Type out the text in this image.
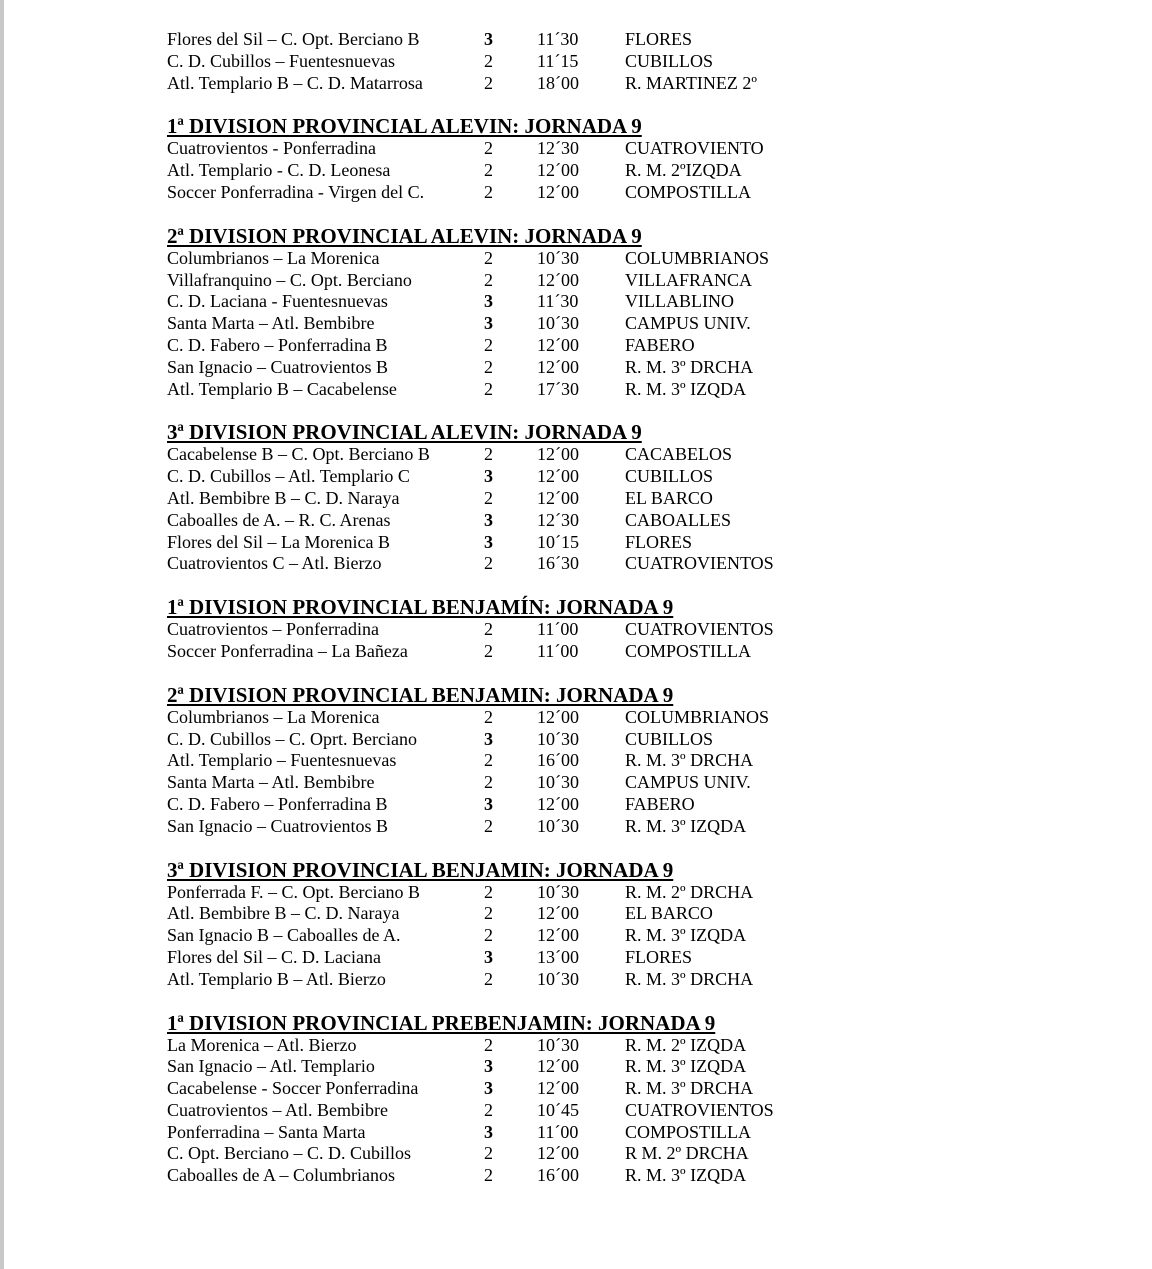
Flores del Sil – C. Opt. Berciano B	3 11´30	FLORES
C. D. Cubillos – Fuentesnuevas	2 11´15	CUBILLOS
Atl. Templario B – C. D. Matarrosa	2 18´00	R. MARTINEZ 2º
1ª DIVISION PROVINCIAL ALEVIN: JORNADA 9
Cuatrovientos - Ponferradina	2 12´30	CUATROVIENTO
Atl. Templario - C. D. Leonesa	2 12´00	R. M. 2ºIZQDA
Soccer Ponferradina - Virgen del C.	2 12´00	COMPOSTILLA
2ª DIVISION PROVINCIAL ALEVIN: JORNADA 9
Columbrianos – La Morenica	2 10´30	COLUMBRIANOS
Villafranquino – C. Opt. Berciano	2 12´00	VILLAFRANCA
C. D. Laciana - Fuentesnuevas	3 11´30	VILLABLINO
Santa Marta – Atl. Bembibre	3 10´30	CAMPUS UNIV.
C. D. Fabero – Ponferradina B	2 12´00	FABERO
San Ignacio – Cuatrovientos B	2 12´00	R. M. 3º DRCHA
Atl. Templario B – Cacabelense	2 17´30	R. M. 3º IZQDA
3ª DIVISION PROVINCIAL ALEVIN: JORNADA 9
Cacabelense B – C. Opt. Berciano B	2 12´00	CACABELOS
C. D. Cubillos – Atl. Templario C	3 12´00	CUBILLOS
Atl. Bembibre B – C. D. Naraya	2 12´00	EL BARCO
Caboalles de A. – R. C. Arenas	3 12´30	CABOALLES
Flores del Sil – La Morenica B	3 10´15	FLORES
Cuatrovientos C – Atl. Bierzo	2 16´30	CUATROVIENTOS
1ª DIVISION PROVINCIAL BENJAMÍN: JORNADA 9
Cuatrovientos – Ponferradina	2 11´00	CUATROVIENTOS
Soccer Ponferradina – La Bañeza	2 11´00	COMPOSTILLA
2ª DIVISION PROVINCIAL BENJAMIN: JORNADA 9
Columbrianos – La Morenica	2 12´00	COLUMBRIANOS
C. D. Cubillos – C. Oprt. Berciano	3 10´30	CUBILLOS
Atl. Templario – Fuentesnuevas	2 16´00	R. M. 3º DRCHA
Santa Marta – Atl. Bembibre	2 10´30	CAMPUS UNIV.
C. D. Fabero – Ponferradina B	3 12´00	FABERO
San Ignacio – Cuatrovientos B	2 10´30	R. M. 3º IZQDA
3ª DIVISION PROVINCIAL BENJAMIN: JORNADA 9
Ponferrada F. – C. Opt. Berciano B	2 10´30	R. M. 2º DRCHA
Atl. Bembibre B – C. D. Naraya	2 12´00	EL BARCO
San Ignacio B – Caboalles de A.	2 12´00	R. M. 3º IZQDA
Flores del Sil – C. D. Laciana	3 13´00	FLORES
Atl. Templario B – Atl. Bierzo	2 10´30	R. M. 3º DRCHA
1ª DIVISION PROVINCIAL PREBENJAMIN: JORNADA 9
La Morenica – Atl. Bierzo	2 10´30	R. M. 2º IZQDA
San Ignacio – Atl. Templario	3 12´00	R. M. 3º IZQDA
Cacabelense - Soccer Ponferradina	3 12´00	R. M. 3º DRCHA
Cuatrovientos – Atl. Bembibre	2 10´45	CUATROVIENTOS
Ponferradina – Santa Marta	3 11´00	COMPOSTILLA
C. Opt. Berciano – C. D. Cubillos	2 12´00	R M. 2º DRCHA
Caboalles de A – Columbrianos	2 16´00	R. M. 3º IZQDA
